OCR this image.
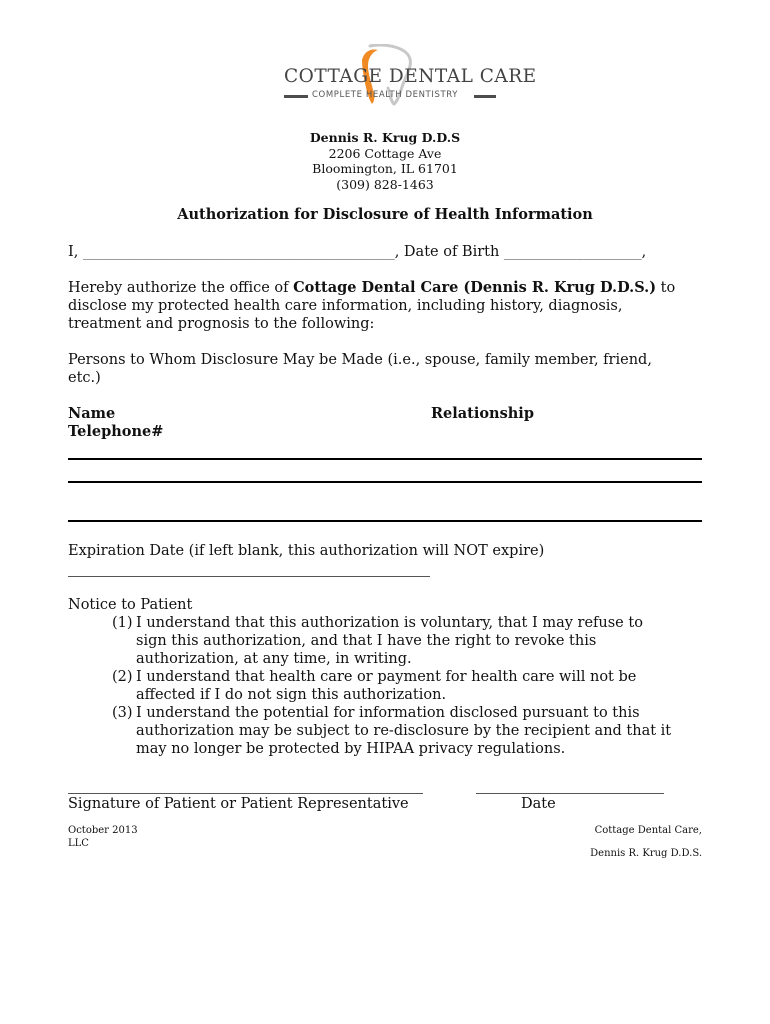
COTTAGE DENTAL CARE
COMPLETE HEALTH DENTISTRY
Dennis R. Krug D.D.S
2206 Cottage Ave
Bloomington, IL 61701
(309) 828-1463
Authorization for Disclosure of Health Information
I, ___________________________________________, Date of Birth ___________________,
Hereby authorize the office of Cottage Dental Care (Dennis R. Krug D.D.S.) to
disclose my protected health care information, including history, diagnosis,
treatment and prognosis to the following:
Persons to Whom Disclosure May be Made (i.e., spouse, family member, friend,
etc.)
Name	Relationship
Telephone#
Expiration Date (if left blank, this authorization will NOT expire)
Notice to Patient
(1) I understand that this authorization is voluntary, that I may refuse to
sign this authorization, and that I have the right to revoke this
authorization, at any time, in writing.
(2) I understand that health care or payment for health care will not be
affected if I do not sign this authorization.
(3) I understand the potential for information disclosed pursuant to this
authorization may be subject to re-disclosure by the recipient and that it
may no longer be protected by HIPAA privacy regulations.
Signature of Patient or Patient Representative	Date
October 2013
LLC
Cottage Dental Care,
Dennis R. Krug D.D.S.
